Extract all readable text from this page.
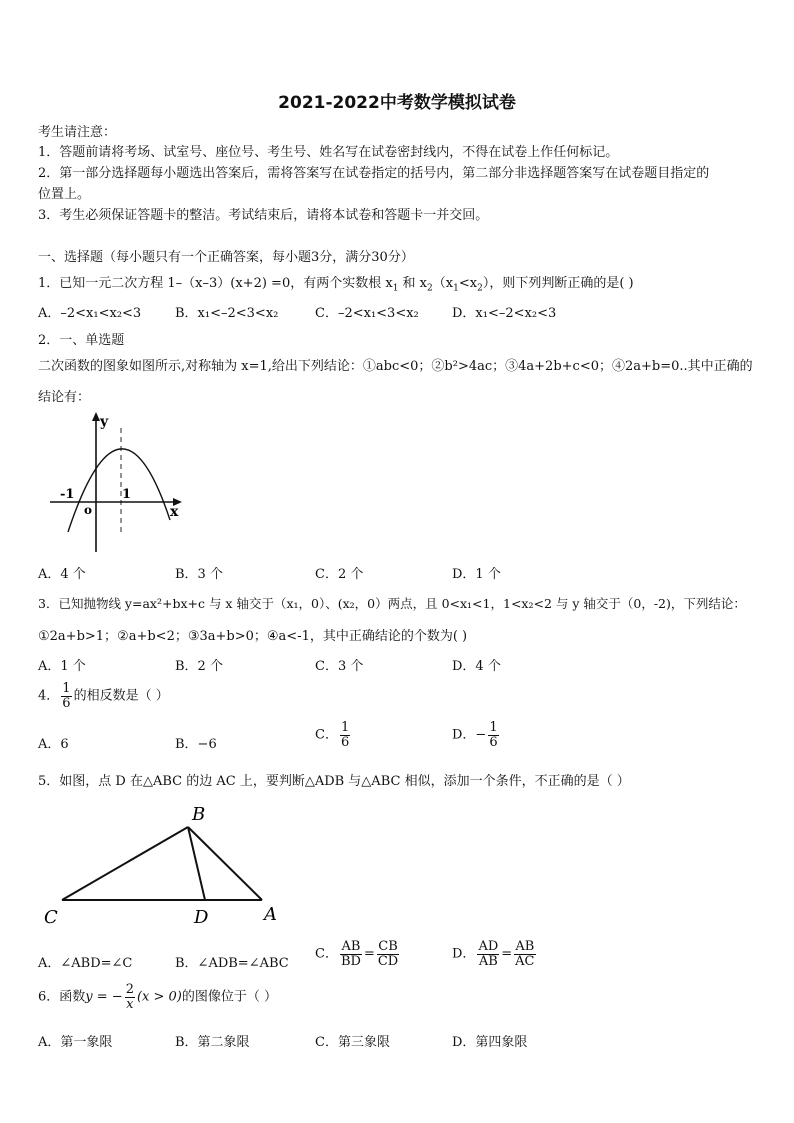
2021-2022中考数学模拟试卷
考生请注意：
1．答题前请将考场、试室号、座位号、考生号、姓名写在试卷密封线内，不得在试卷上作任何标记。
2．第一部分选择题每小题选出答案后，需将答案写在试卷指定的括号内，第二部分非选择题答案写在试卷题目指定的
位置上。
3．考生必须保证答题卡的整洁。考试结束后，请将本试卷和答题卡一并交回。
一、选择题（每小题只有一个正确答案，每小题3分，满分30分）
1．已知一元二次方程 1–（x–3）(x+2) =0，有两个实数根 $x_1$ 和 $x_2(x_1<x_2)$，则下列判断正确的是( )
A．–2<x₁<x₂<3	B．x₁<–2<3<x₂	C．–2<x₁<3<x₂	D．x₁<–2<x₂<3
2．一、单选题
二次函数的图象如图所示,对称轴为 x=1,给出下列结论：①abc<0；②b²>4ac；③4a+2b+c<0；④2a+b=0..其中正确的
结论有：
y
x
o
-1	1
A．4 个	B．3 个	C．2 个	D．1 个
3．已知抛物线 y=ax²+bx+c 与 x 轴交于（x₁，0）、(x₂，0）两点，且 0<x₁<1，1<x₂<2 与 y 轴交于（0，-2)，下列结论：
①2a+b>1；②a+b<2；③3a+b>0；④a<-1，其中正确结论的个数为( )
A．1 个	B．2 个	C．3 个	D．4 个
4． $\frac{1}{6}$ 的相反数是（ ）
A．6	B．−6
C． $\frac{1}{6}$	D．− $\frac{1}{6}$
5．如图，点 D 在△ABC 的边 AC 上，要判断△ADB 与△ABC 相似，添加一个条件，不正确的是（ ）
B
C	D	A
A．∠ABD=∠C	B．∠ADB=∠ABC
C． $\frac{AB}{BD} = \frac{CB}{CD}$	D． $\frac{AD}{AB} = \frac{AB}{AC}$
6．函数y = − $\frac{2}{x} (x > 0)$的图像位于（ ）
A．第一象限	B．第二象限	C．第三象限	D．第四象限
